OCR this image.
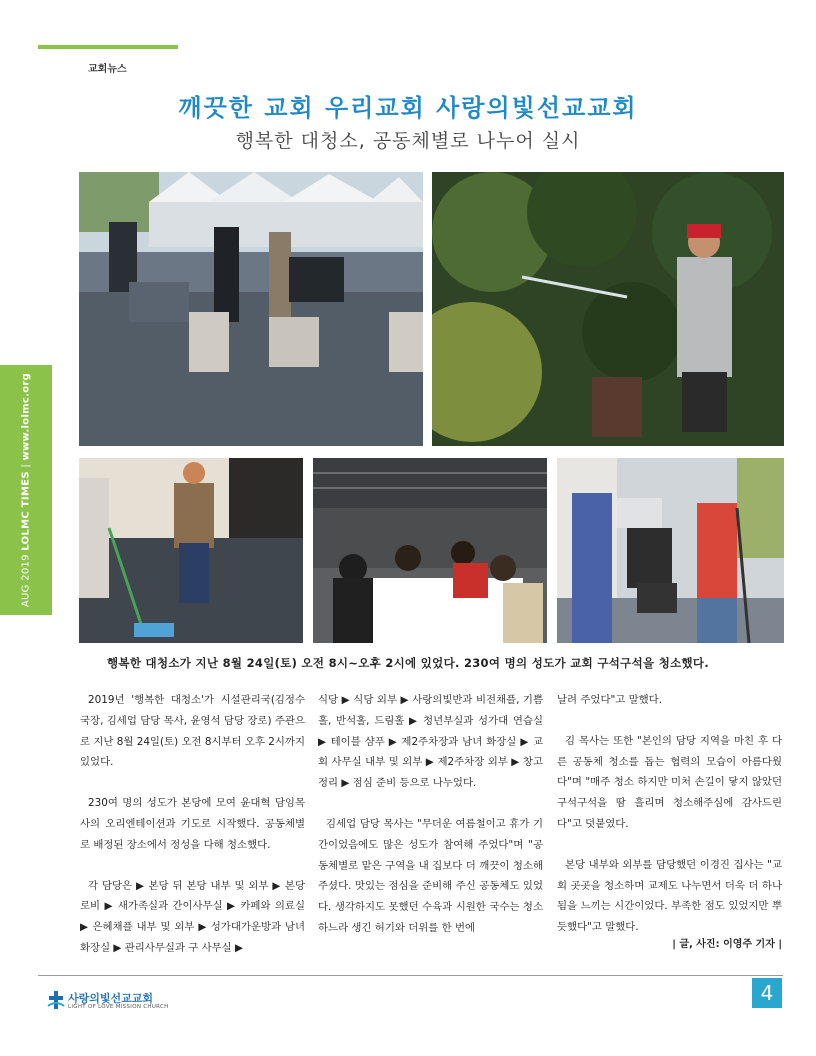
교회뉴스
깨끗한 교회 우리교회 사랑의빛선교교회
행복한 대청소, 공동체별로 나누어 실시
AUG 2019 LOLMC TIMES | www.lolmc.org
행복한 대청소가 지난 8월 24일(토) 오전 8시~오후 2시에 있었다. 230여 명의 성도가 교회 구석구석을 청소했다.

2019년 '행복한 대청소'가 시설관리국(김정수 국장, 김세업 담당 목사, 윤영석 담당 장로) 주관으로 지난 8월 24일(토) 오전 8시부터 오후 2시까지 있었다.

230여 명의 성도가 본당에 모여 윤대혁 담임목사의 오리엔테이션과 기도로 시작했다. 공동체별로 배정된 장소에서 정성을 다해 청소했다.

각 담당은 ▶ 본당 뒤 본당 내부 및 외부 ▶ 본당 로비 ▶ 새가족실과 간이사무실 ▶ 카페와 의료실 ▶ 은혜채플 내부 및 외부 ▶ 성가대가운방과 남녀 화장실 ▶ 관리사무실과 구 사무실 ▶

식당 ▶ 식당 외부 ▶ 사랑의빛반과 비전채플, 기쁨홀, 반석홀, 드림홀 ▶ 청년부실과 성가대 연습실 ▶ 테이블 샴푸 ▶ 제2주차장과 남녀 화장실 ▶ 교회 사무실 내부 및 외부 ▶ 제2주차장 외부 ▶ 창고정리 ▶ 점심 준비 등으로 나누었다.

김세업 담당 목사는 "무더운 여름철이고 휴가 기간이었음에도 많은 성도가 참여해 주었다"며 "공동체별로 맡은 구역을 내 집보다 더 깨끗이 청소해주셨다. 맛있는 점심을 준비해 주신 공동체도 있었다. 생각하지도 못했던 수육과 시원한 국수는 청소하느라 생긴 허기와 더위를 한 번에

날려 주었다"고 말했다.

김 목사는 또한 "본인의 담당 지역을 마친 후 다른 공동체 청소를 돕는 협력의 모습이 아름다웠다"며 "매주 청소 하지만 미처 손길이 닿지 않았던 구석구석을 땀 흘리며 청소해주심에 감사드린다"고 덧붙였다.

본당 내부와 외부를 담당했던 이경진 집사는 "교회 곳곳을 청소하며 교제도 나누면서 더욱 더 하나 됨을 느끼는 시간이었다. 부족한 점도 있었지만 뿌듯했다"고 말했다.

| 글, 사진: 이영주 기자 |
사랑의빛선교교회
LIGHT OF LOVE MISSION CHURCH
4
